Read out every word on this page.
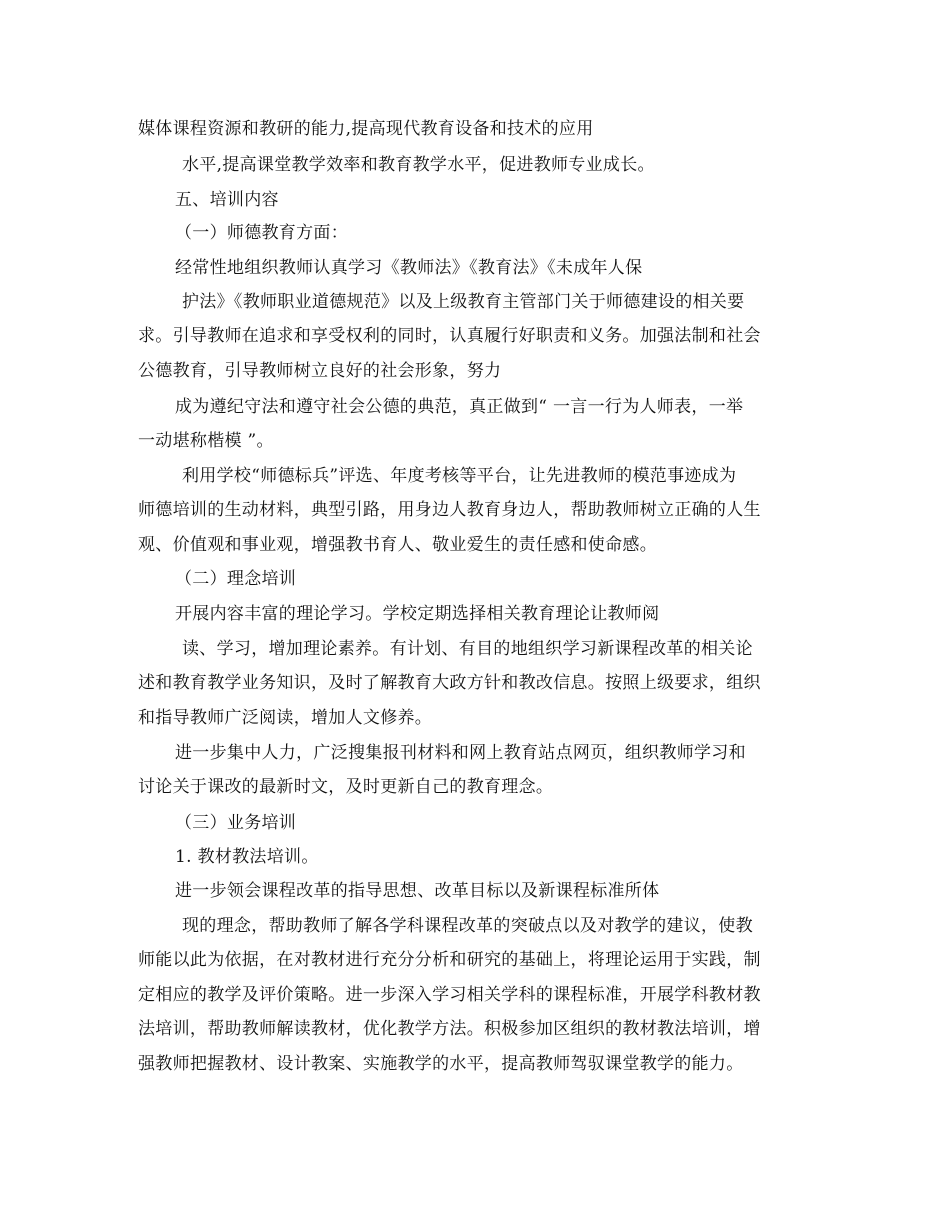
媒体课程资源和教研的能力,提高现代教育设备和技术的应用
水平,提高课堂教学效率和教育教学水平，促进教师专业成长。
五、培训内容
（一）师德教育方面：
经常性地组织教师认真学习《教师法》《教育法》《未成年人保
护法》《教师职业道德规范》以及上级教育主管部门关于师德建设的相关要
求。引导教师在追求和享受权利的同时，认真履行好职责和义务。加强法制和社会
公德教育，引导教师树立良好的社会形象，努力
成为遵纪守法和遵守社会公德的典范，真正做到“ 一言一行为人师表，一举
一动堪称楷模 ”。
利用学校“师德标兵”评选、年度考核等平台，让先进教师的模范事迹成为
师德培训的生动材料，典型引路，用身边人教育身边人，帮助教师树立正确的人生
观、价值观和事业观，增强教书育人、敬业爱生的责任感和使命感。
（二）理念培训
开展内容丰富的理论学习。学校定期选择相关教育理论让教师阅
读、学习，增加理论素养。有计划、有目的地组织学习新课程改革的相关论
述和教育教学业务知识，及时了解教育大政方针和教改信息。按照上级要求，组织
和指导教师广泛阅读，增加人文修养。
进一步集中人力，广泛搜集报刊材料和网上教育站点网页，组织教师学习和
讨论关于课改的最新时文，及时更新自己的教育理念。
（三）业务培训
1. 教材教法培训。
进一步领会课程改革的指导思想、改革目标以及新课程标准所体
现的理念，帮助教师了解各学科课程改革的突破点以及对教学的建议，使教
师能以此为依据，在对教材进行充分分析和研究的基础上，将理论运用于实践，制
定相应的教学及评价策略。进一步深入学习相关学科的课程标准，开展学科教材教
法培训，帮助教师解读教材，优化教学方法。积极参加区组织的教材教法培训，增
强教师把握教材、设计教案、实施教学的水平，提高教师驾驭课堂教学的能力。
